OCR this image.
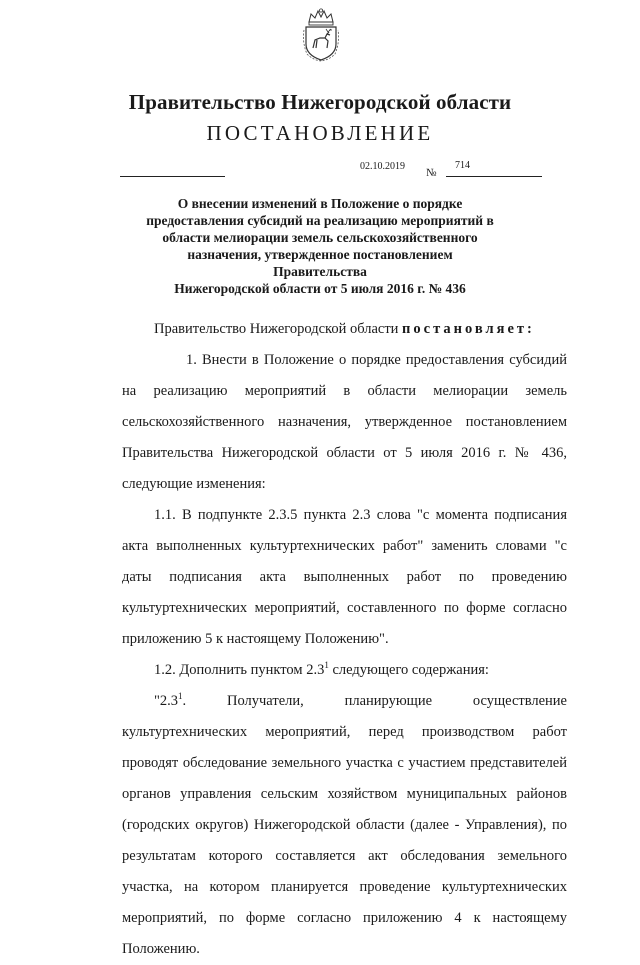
Правительство Нижегородской области
ПОСТАНОВЛЕНИЕ
02.10.2019
№
714
О внесении изменений в Положение о порядке
предоставления субсидий на реализацию мероприятий в
области мелиорации земель сельскохозяйственного
назначения, утвержденное постановлением Правительства
Нижегородской области от 5 июля 2016 г. № 436

Правительство Нижегородской области постановляет:

1. Внести в Положение о порядке предоставления субсидий на реализацию мероприятий в области мелиорации земель сельскохозяйственного назначения, утвержденное постановлением Правительства Нижегородской области от 5 июля 2016 г. № 436, следующие изменения:

1.1. В подпункте 2.3.5 пункта 2.3 слова "с момента подписания акта выполненных культуртехнических работ" заменить словами "с даты подписания акта выполненных работ по проведению культуртехнических мероприятий, составленного по форме согласно приложению 5 к настоящему Положению".

1.2. Дополнить пунктом $2.3^1$ следующего содержания:

"$2.3^1$. Получатели, планирующие осуществление культуртехнических мероприятий, перед производством работ проводят обследование земельного участка с участием представителей органов управления сельским хозяйством муниципальных районов (городских округов) Нижегородской области (далее - Управления), по результатам которого составляется акт обследования земельного участка, на котором планируется проведение культуртехнических мероприятий, по форме согласно приложению 4 к настоящему Положению.
